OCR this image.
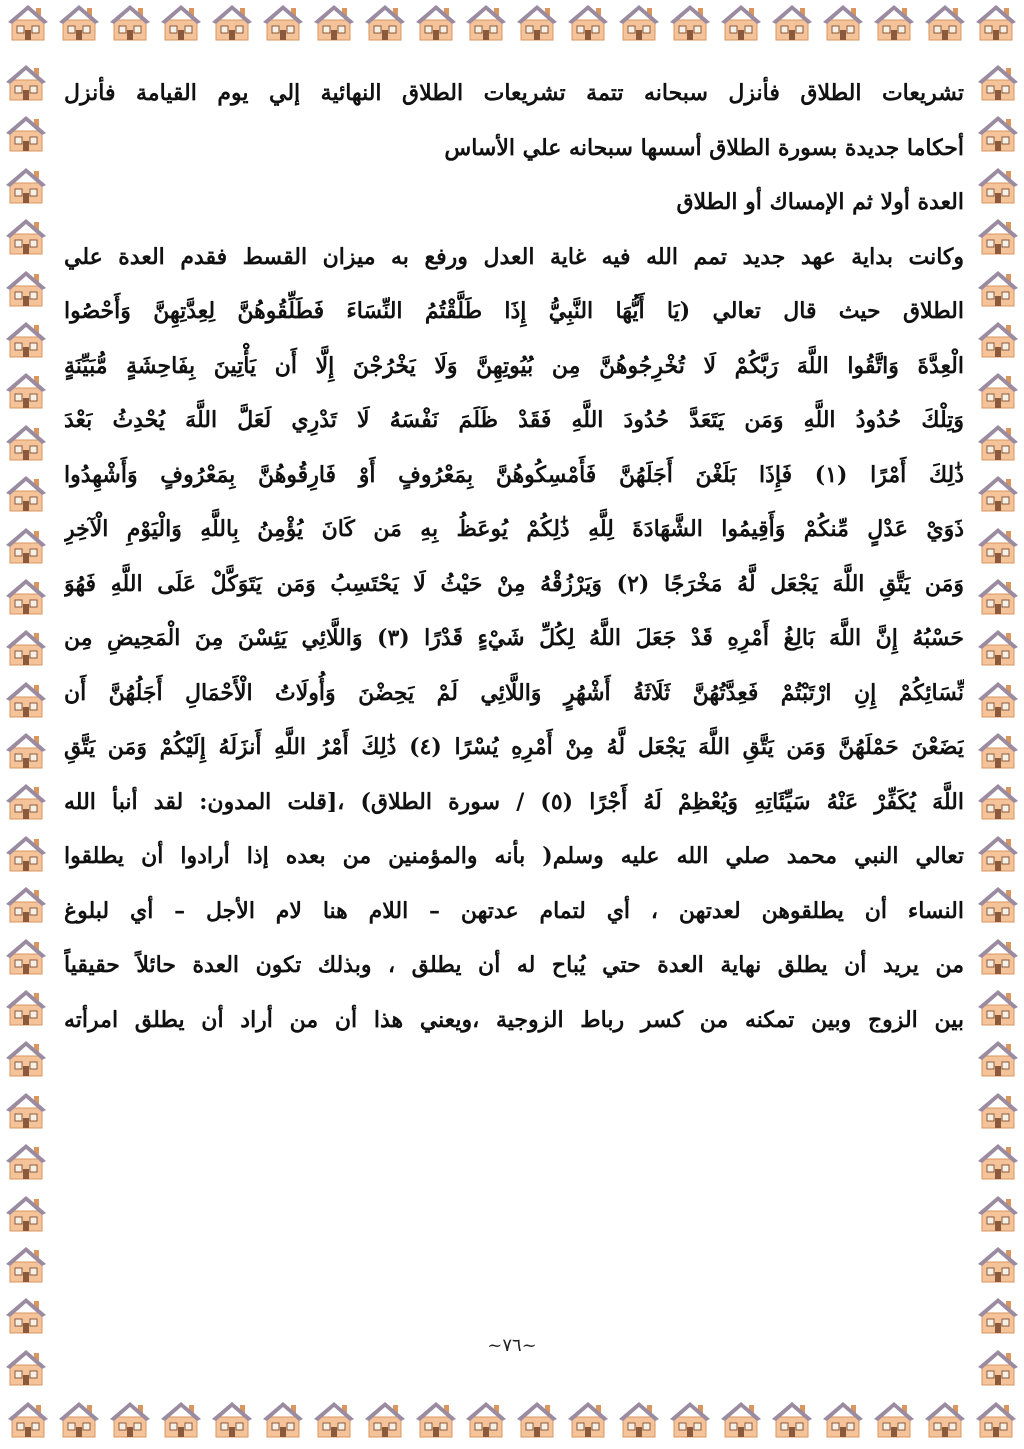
تشريعات الطلاق فأنزل سبحانه تتمة تشريعات الطلاق النهائية إلي يوم القيامة فأنزل
أحكاما جديدة بسورة الطلاق أسسها سبحانه علي الأساس
العدة أولا ثم الإمساك أو الطلاق
وكانت بداية عهد جديد تمم الله فيه غاية العدل ورفع به ميزان القسط فقدم العدة علي
الطلاق حيث قال تعالي (يَا أَيُّهَا النَّبِيُّ إِذَا طَلَّقْتُمُ النِّسَاءَ فَطَلِّقُوهُنَّ لِعِدَّتِهِنَّ وَأَحْصُوا
الْعِدَّةَ وَاتَّقُوا اللَّهَ رَبَّكُمْ لَا تُخْرِجُوهُنَّ مِن بُيُوتِهِنَّ وَلَا يَخْرُجْنَ إِلَّا أَن يَأْتِينَ بِفَاحِشَةٍ مُّبَيِّنَةٍ
وَتِلْكَ حُدُودُ اللَّهِ وَمَن يَتَعَدَّ حُدُودَ اللَّهِ فَقَدْ ظَلَمَ نَفْسَهُ لَا تَدْرِي لَعَلَّ اللَّهَ يُحْدِثُ بَعْدَ
ذَٰلِكَ أَمْرًا (١) فَإِذَا بَلَغْنَ أَجَلَهُنَّ فَأَمْسِكُوهُنَّ بِمَعْرُوفٍ أَوْ فَارِقُوهُنَّ بِمَعْرُوفٍ وَأَشْهِدُوا
ذَوَيْ عَدْلٍ مِّنكُمْ وَأَقِيمُوا الشَّهَادَةَ لِلَّهِ ذَٰلِكُمْ يُوعَظُ بِهِ مَن كَانَ يُؤْمِنُ بِاللَّهِ وَالْيَوْمِ الْآخِرِ
وَمَن يَتَّقِ اللَّهَ يَجْعَل لَّهُ مَخْرَجًا (٢) وَيَرْزُقْهُ مِنْ حَيْثُ لَا يَحْتَسِبُ وَمَن يَتَوَكَّلْ عَلَى اللَّهِ فَهُوَ
حَسْبُهُ إِنَّ اللَّهَ بَالِغُ أَمْرِهِ قَدْ جَعَلَ اللَّهُ لِكُلِّ شَيْءٍ قَدْرًا (٣) وَاللَّائِي يَئِسْنَ مِنَ الْمَحِيضِ مِن
نِّسَائِكُمْ إِنِ ارْتَبْتُمْ فَعِدَّتُهُنَّ ثَلَاثَةُ أَشْهُرٍ وَاللَّائِي لَمْ يَحِضْنَ وَأُولَاتُ الْأَحْمَالِ أَجَلُهُنَّ أَن
يَضَعْنَ حَمْلَهُنَّ وَمَن يَتَّقِ اللَّهَ يَجْعَل لَّهُ مِنْ أَمْرِهِ يُسْرًا (٤) ذَٰلِكَ أَمْرُ اللَّهِ أَنزَلَهُ إِلَيْكُمْ وَمَن يَتَّقِ
اللَّهَ يُكَفِّرْ عَنْهُ سَيِّئَاتِهِ وَيُعْظِمْ لَهُ أَجْرًا (٥) / سورة الطلاق) ،[قلت المدون: لقد أنبأ الله
تعالي النبي محمد صلي الله عليه وسلم( بأنه والمؤمنين من بعده إذا أرادوا أن يطلقوا
النساء أن يطلقوهن لعدتهن ، أي لتمام عدتهن – اللام هنا لام الأجل – أي لبلوغ
من يريد أن يطلق نهاية العدة حتي يُباح له أن يطلق ، وبذلك تكون العدة حائلاً حقيقياً
بين الزوج وبين تمكنه من كسر رباط الزوجية ،ويعني هذا أن من أراد أن يطلق امرأته
~٧٦~
